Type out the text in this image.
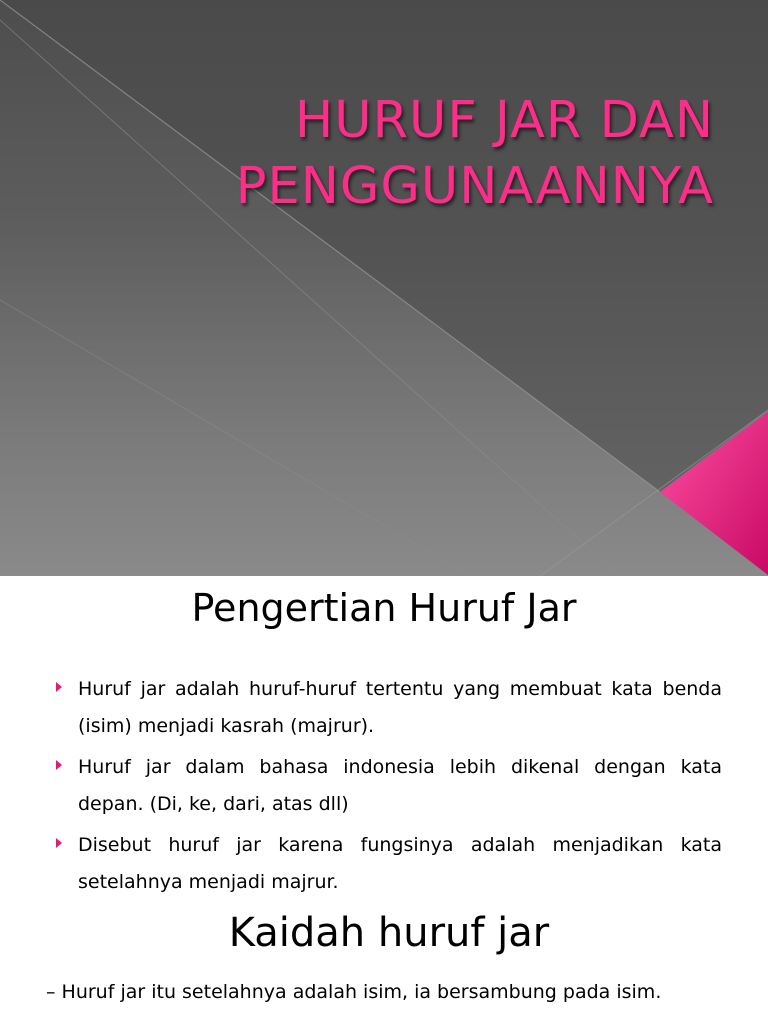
HURUF JAR DAN
PENGGUNAANNYA
Pengertian Huruf Jar
Huruf jar adalah huruf-huruf tertentu yang membuat kata benda (isim) menjadi kasrah (majrur).
Huruf jar dalam bahasa indonesia lebih dikenal dengan kata depan. (Di, ke, dari, atas dll)
Disebut huruf jar karena fungsinya adalah menjadikan kata setelahnya menjadi majrur.
Kaidah huruf jar

– Huruf jar itu setelahnya adalah isim, ia bersambung pada isim.
